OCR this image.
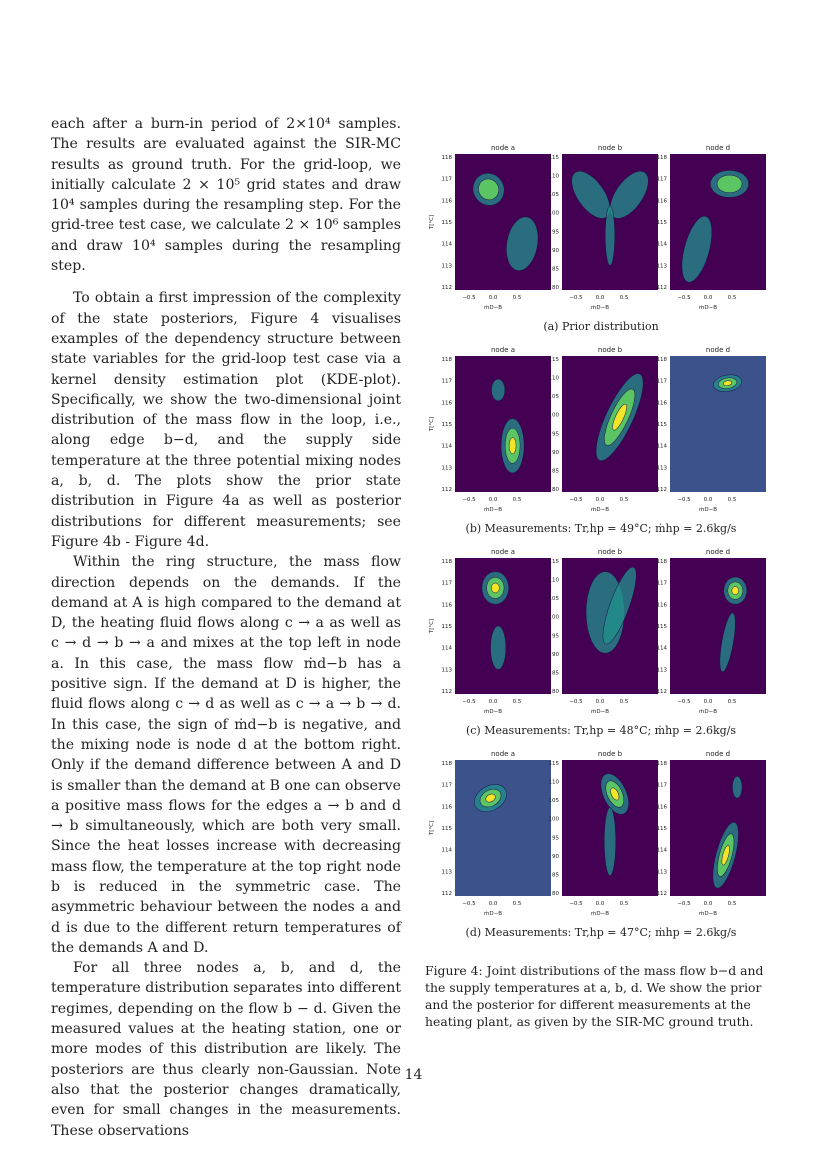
each after a burn-in period of 2×10⁴ samples. The results are evaluated against the SIR-MC results as ground truth. For the grid-loop, we initially calculate 2 × 10⁵ grid states and draw 10⁴ samples during the resampling step. For the grid-tree test case, we calculate 2 × 10⁶ samples and draw 10⁴ samples during the resampling step.

To obtain a first impression of the complexity of the state posteriors, Figure 4 visualises examples of the dependency structure between state variables for the grid-loop test case via a kernel density estimation plot (KDE-plot). Specifically, we show the two-dimensional joint distribution of the mass flow in the loop, i.e., along edge b−d, and the supply side temperature at the three potential mixing nodes a, b, d. The plots show the prior state distribution in Figure 4a as well as posterior distributions for different measurements; see Figure 4b - Figure 4d.

Within the ring structure, the mass flow direction depends on the demands. If the demand at A is high compared to the demand at D, the heating fluid flows along c → a as well as c → d → b → a and mixes at the top left in node a. In this case, the mass flow ṁd−b has a positive sign. If the demand at D is higher, the fluid flows along c → d as well as c → a → b → d. In this case, the sign of ṁd−b is negative, and the mixing node is node d at the bottom right. Only if the demand difference between A and D is smaller than the demand at B one can observe a positive mass flows for the edges a → b and d → b simultaneously, which are both very small. Since the heat losses increase with decreasing mass flow, the temperature at the top right node b is reduced in the symmetric case. The asymmetric behaviour between the nodes a and d is due to the different return temperatures of the demands A and D.

For all three nodes a, b, and d, the temperature distribution separates into different regimes, depending on the flow b − d. Given the measured values at the heating station, one or more modes of this distribution are likely. The posteriors are thus clearly non-Gaussian. Note also that the posterior changes dramatically, even for small changes in the measurements. These observations

node a
118
117
116
115
114
113
112
−0.5 0.0	0.5
ṁD−B
T[°C]
node b
115
110
105
100
95
90
85
80
−0.5 0.0	0.5
ṁD−B
node d
118
117
116
115
114
113
112
−0.5 0.0	0.5
ṁD−B

(a) Prior distribution

node a
118
117
116
115
114
113
112
−0.5 0.0	0.5
ṁD−B
T[°C]
node b
115
110
105
100
95
90
85
80
−0.5 0.0	0.5
ṁD−B
node d
118
117
116
115
114
113
112
−0.5 0.0	0.5
ṁD−B

(b) Measurements: Tr,hp = 49°C; ṁhp = 2.6kg/s

node a
118
117
116
115
114
113
112
−0.5 0.0	0.5
ṁD−B
T[°C]
node b
115
110
105
100
95
90
85
80
−0.5 0.0	0.5
ṁD−B
node d
118
117
116
115
114
113
112
−0.5 0.0	0.5
ṁD−B

(c) Measurements: Tr,hp = 48°C; ṁhp = 2.6kg/s

node a
118
117
116
115
114
113
112
−0.5 0.0	0.5
ṁD−B
T[°C]
node b
115
110
105
100
95
90
85
80
−0.5 0.0	0.5
ṁD−B
node d
118
117
116
115
114
113
112
−0.5 0.0	0.5
ṁD−B

(d) Measurements: Tr,hp = 47°C; ṁhp = 2.6kg/s

Figure 4: Joint distributions of the mass flow b−d and the supply temperatures at a, b, d. We show the prior and the posterior for different measurements at the heating plant, as given by the SIR-MC ground truth.
14
